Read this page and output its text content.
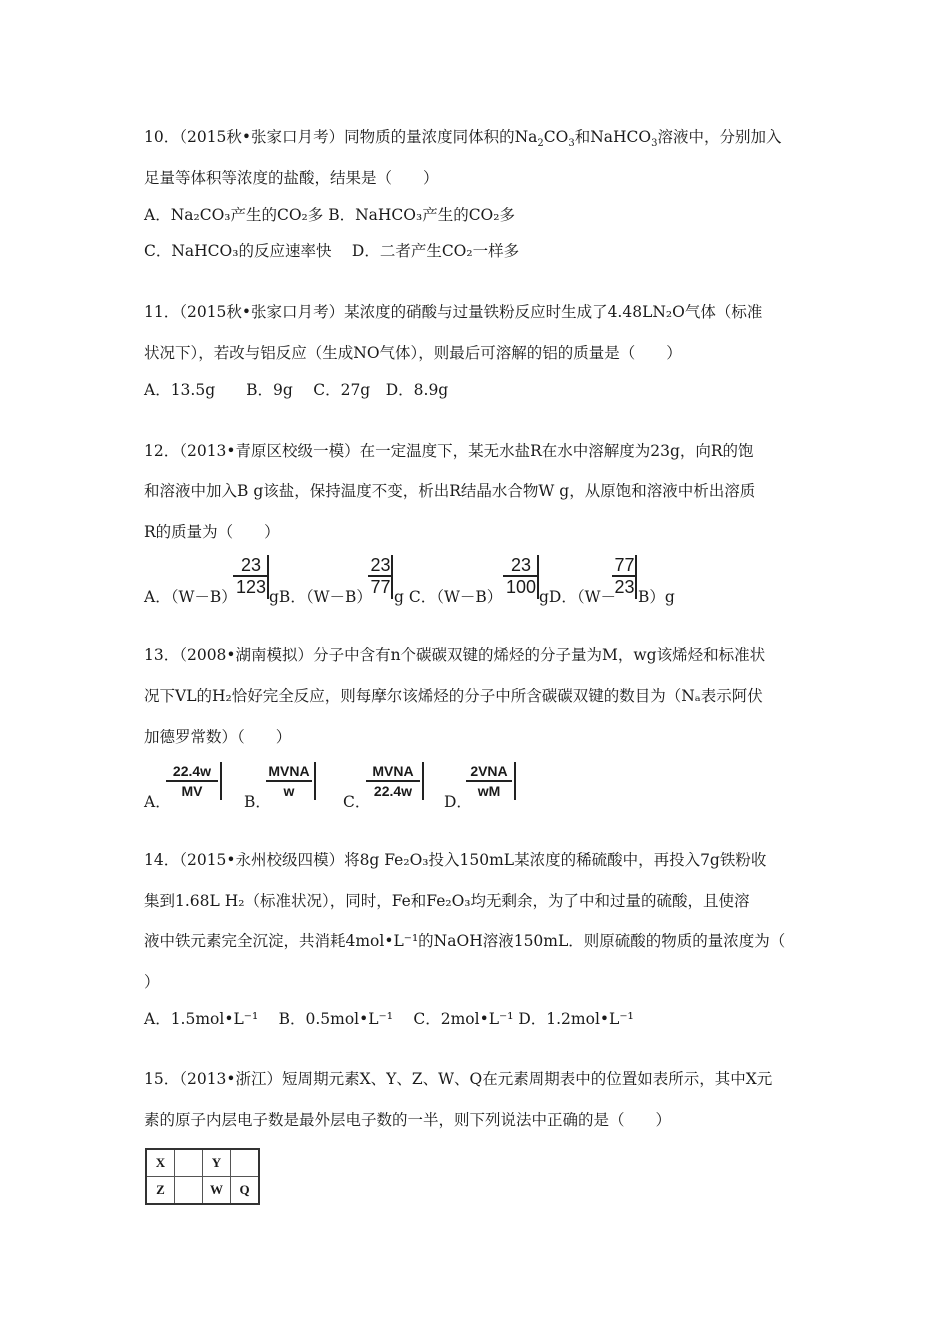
10．（2015秋•张家口月考）同物质的量浓度同体积的$Na_2CO_3$和NaHCO$_3$溶液中，分别加入
足量等体积等浓度的盐酸，结果是（　　）
A．Na₂CO₃产生的CO₂多 B．NaHCO₃产生的CO₂多
C．NaHCO₃的反应速率快　 D．二者产生CO₂一样多
11．（2015秋•张家口月考）某浓度的硝酸与过量铁粉反应时生成了4.48LN₂O气体（标准
状况下），若改与铝反应（生成NO气体），则最后可溶解的铝的质量是（　　）
A．13.5g　　B．9g　 C．27g　D．8.9g
12．（2013•青原区校级一模）在一定温度下，某无水盐R在水中溶解度为23g，向R的饱
和溶液中加入B g该盐，保持温度不变，析出R结晶水合物W g，从原饱和溶液中析出溶质
R的质量为（　　）
A．（W－B）
$\frac{23}{123}$ gB．（W－B）
$\frac{23}{77}$ g C．$(W-B) \frac{23}{100}$ gD．（W－
$\frac{77}{23} B)g$
13．（2008•湖南模拟）分子中含有n个碳碳双键的烯烃的分子量为M，wg该烯烃和标准状
况下VL的H₂恰好完全反应，则每摩尔该烯烃的分子中所含碳碳双键的数目为（Nₐ表示阿伏
加德罗常数）（　　）
A．
$\frac{22.4w}{MV}$
B．
MVNA
w
C．
MVNA
22.4w
D．
2VNA
wM
14．（2015•永州校级四模）将8g Fe₂O₃投入150mL某浓度的稀硫酸中，再投入7g铁粉收
集到1.68L H₂（标准状况），同时，Fe和Fe₂O₃均无剩余，为了中和过量的硫酸，且使溶
液中铁元素完全沉淀，共消耗4mol•L⁻¹的NaOH溶液150mL．则原硫酸的物质的量浓度为（
）
A．1.5mol•L⁻¹　 B．0.5mol•L⁻¹　 C．2mol•L⁻¹ D．1.2mol•L⁻¹
15．（2013•浙江）短周期元素X、Y、Z、W、Q在元素周期表中的位置如表所示，其中X元
素的原子内层电子数是最外层电子数的一半，则下列说法中正确的是（　　）
X		Y	
Z		W	Q
